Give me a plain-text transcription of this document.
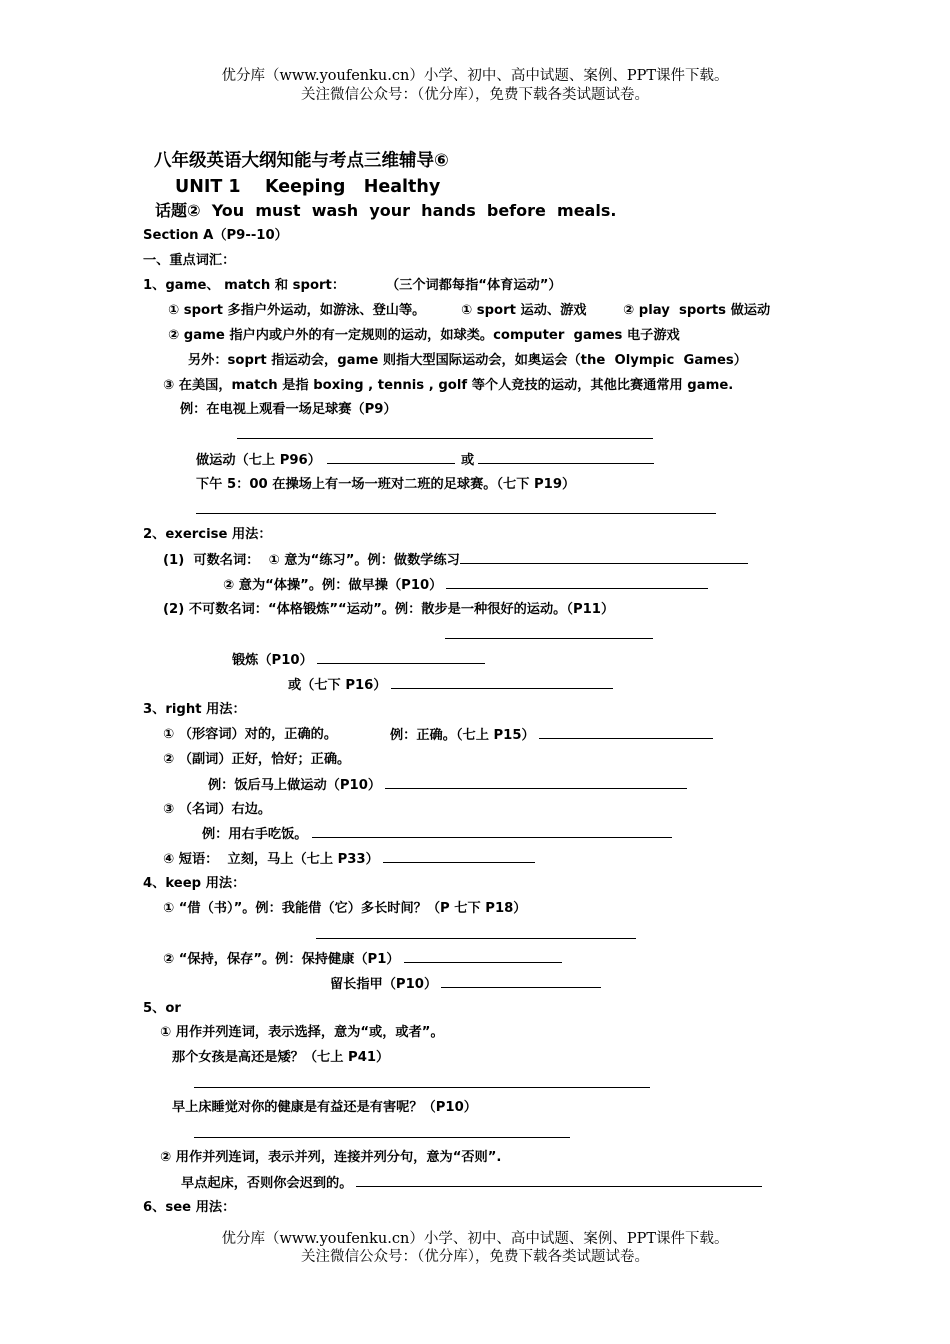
优分库（www.youfenku.cn）小学、初中、高中试题、案例、PPT课件下载。
关注微信公众号：（优分库），免费下载各类试题试卷。
八年级英语大纲知能与考点三维辅导⑥
UNIT 1    Keeping   Healthy
话题②  You  must  wash  your  hands  before  meals.
Section A（P9--10）
一、重点词汇：
1、game、 match 和 sport：	（三个词都每指“体育运动”）
① sport 多指户外运动，如游泳、登山等。	① sport 运动、游戏	② play  sports 做运动
② game 指户内或户外的有一定规则的运动，如球类。computer  games 电子游戏
另外：soprt 指运动会，game 则指大型国际运动会，如奥运会（the  Olympic  Games）
③ 在美国，match 是指 boxing , tennis , golf 等个人竞技的运动，其他比赛通常用 game.
例：在电视上观看一场足球赛（P9）
做运动（七上 P96）	或
下午 5：00 在操场上有一场一班对二班的足球赛。（七下 P19）
2、exercise 用法：
(1)  可数名词：  ① 意为“练习”。例：做数学练习
② 意为“体操”。例：做早操（P10）
(2) 不可数名词：“体格锻炼”“运动”。例：散步是一种很好的运动。（P11）
锻炼（P10）
或（七下 P16）
3、right 用法：
① （形容词）对的，正确的。	例：正确。（七上 P15）
② （副词）正好，恰好；正确。
例：饭后马上做运动（P10）
③ （名词）右边。
例：用右手吃饭。
④ 短语：  立刻，马上（七上 P33）
4、keep 用法：
① “借（书）”。例：我能借（它）多长时间？（P 七下 P18）
② “保持，保存”。例：保持健康（P1）
留长指甲（P10）
5、or
① 用作并列连词，表示选择，意为“或，或者”。
那个女孩是高还是矮？（七上 P41）
早上床睡觉对你的健康是有益还是有害呢？（P10）
② 用作并列连词，表示并列，连接并列分句，意为“否则”.
早点起床，否则你会迟到的。
6、see 用法：
优分库（www.youfenku.cn）小学、初中、高中试题、案例、PPT课件下载。
关注微信公众号：（优分库），免费下载各类试题试卷。
